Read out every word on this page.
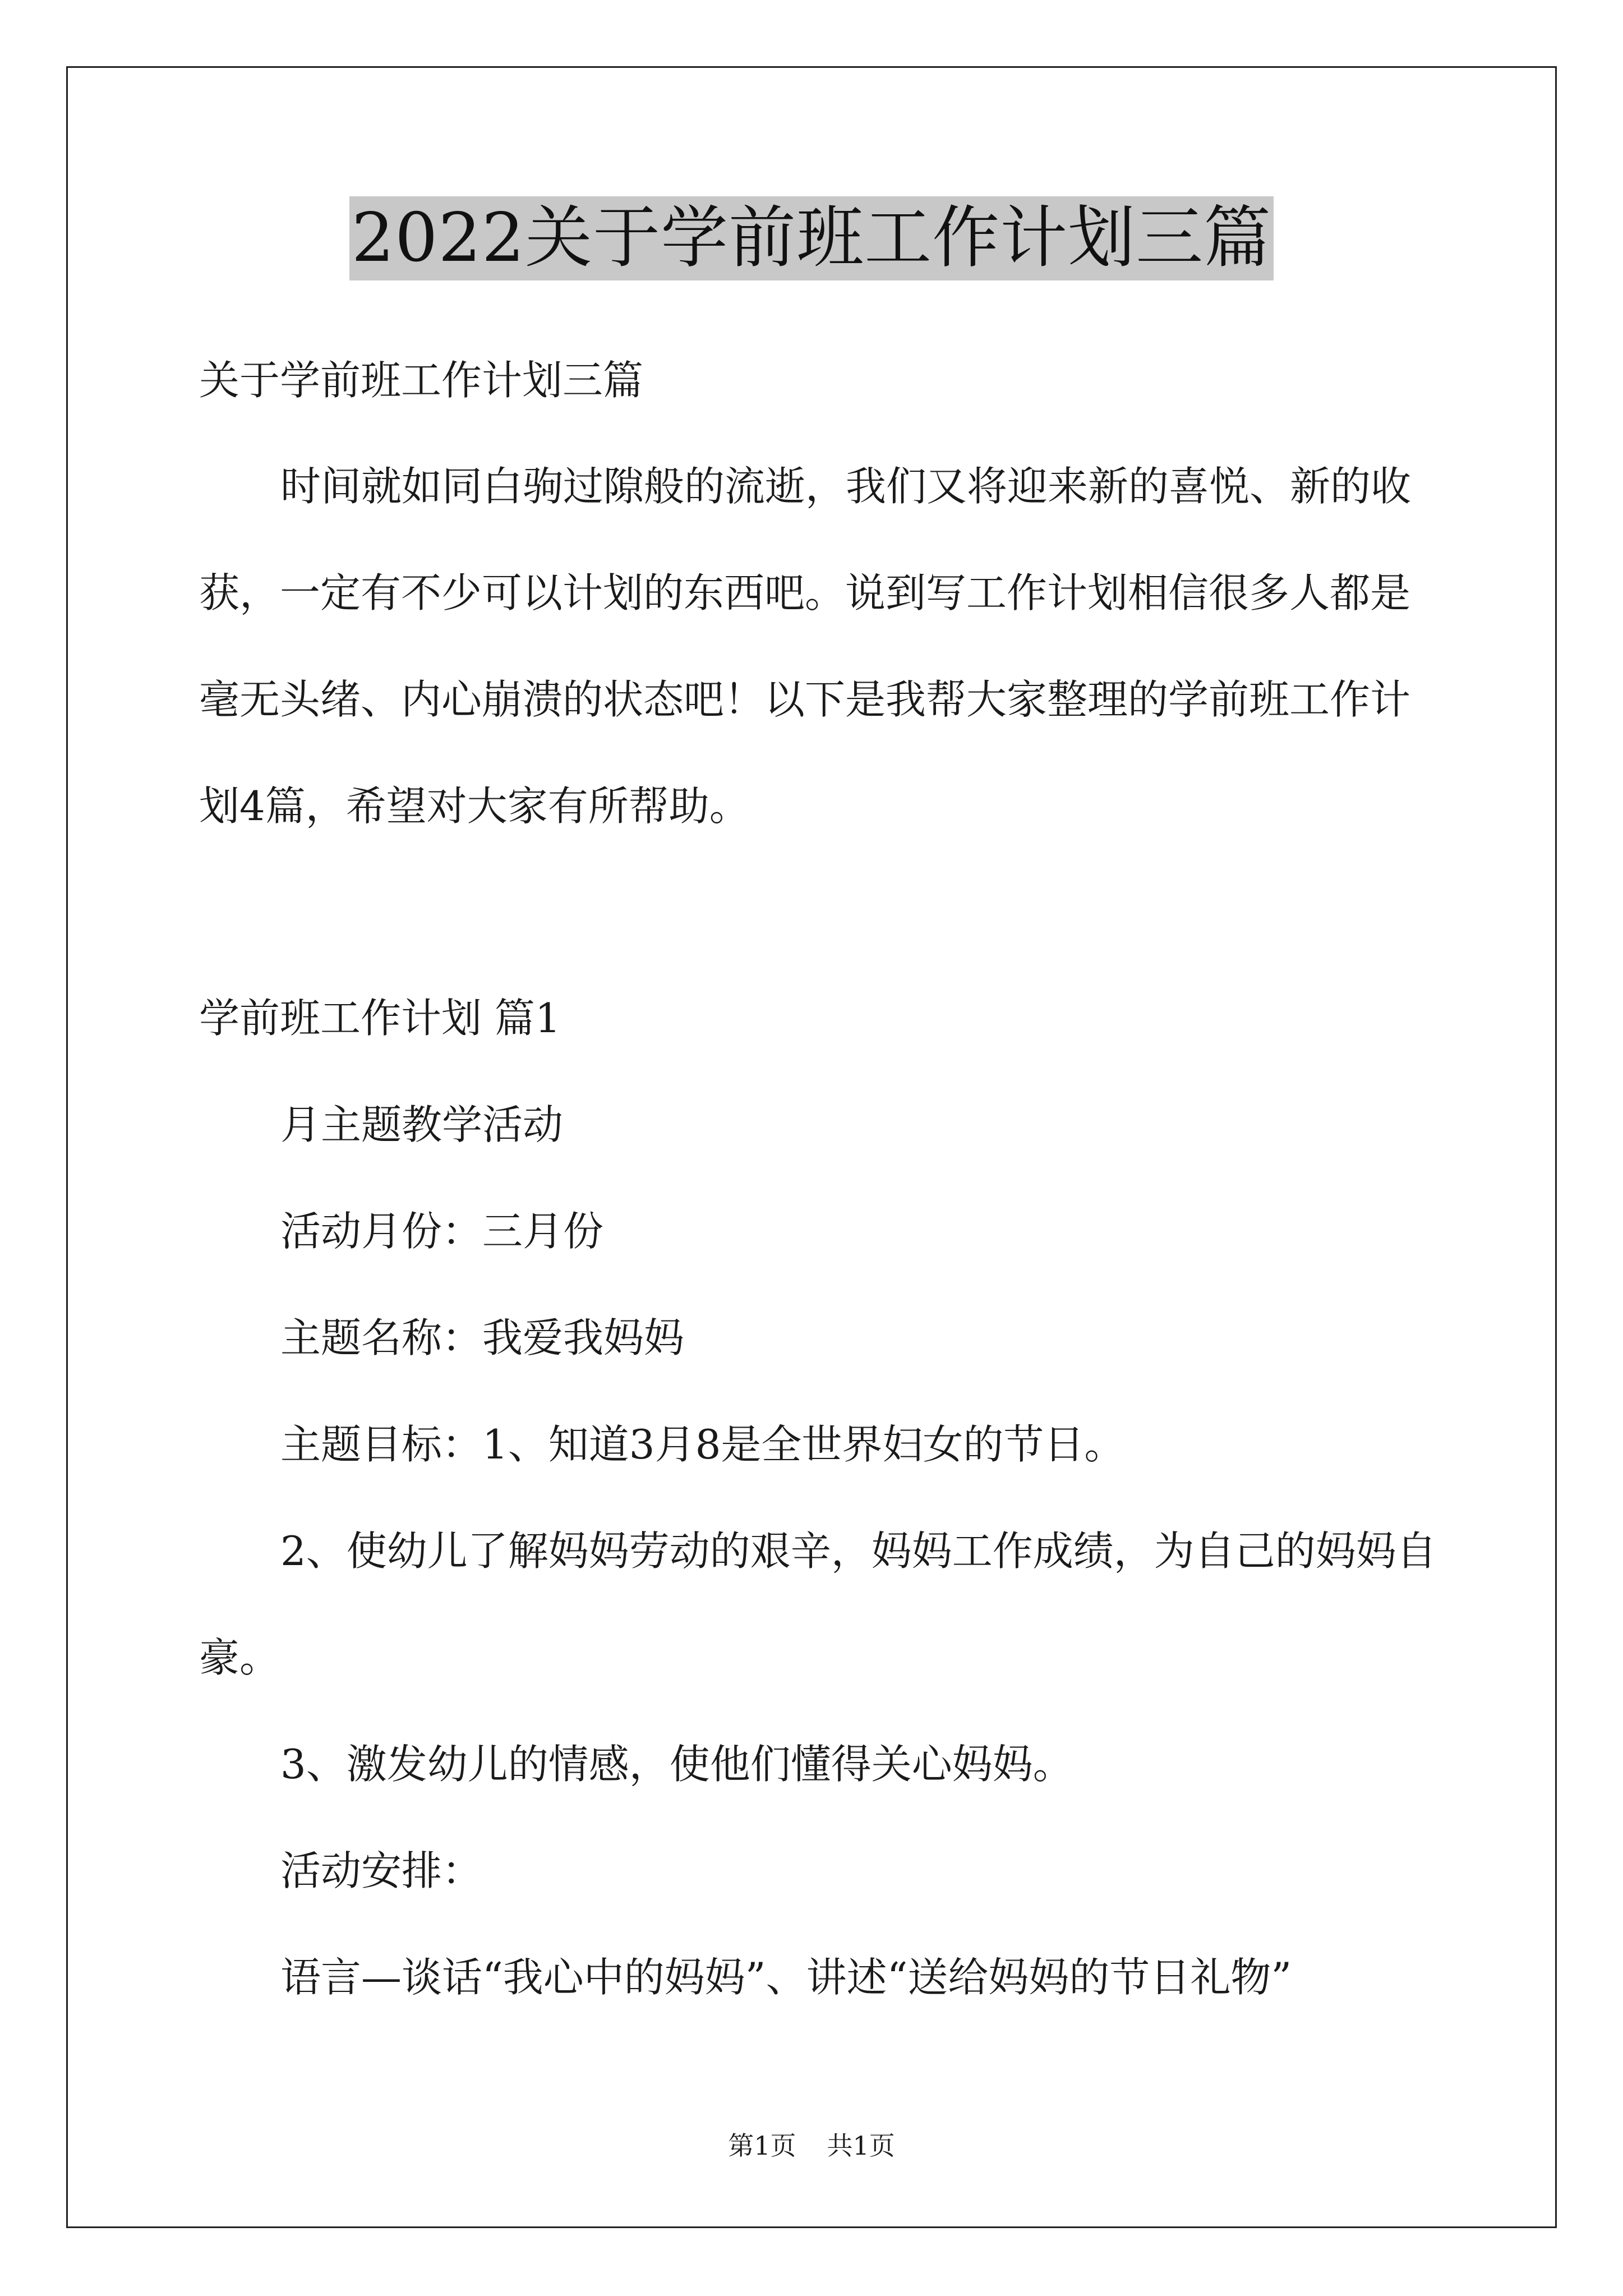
2022关于学前班工作计划三篇
关于学前班工作计划三篇
时间就如同白驹过隙般的流逝，我们又将迎来新的喜悦、新的收
获，一定有不少可以计划的东西吧。说到写工作计划相信很多人都是
毫无头绪、内心崩溃的状态吧！以下是我帮大家整理的学前班工作计
划4篇，希望对大家有所帮助。
学前班工作计划 篇1
月主题教学活动
活动月份：三月份
主题名称：我爱我妈妈
主题目标：1、知道3月8是全世界妇女的节日。
2、使幼儿了解妈妈劳动的艰辛，妈妈工作成绩，为自己的妈妈自
豪。
3、激发幼儿的情感，使他们懂得关心妈妈。
活动安排：
语言—谈话“我心中的妈妈”、讲述“送给妈妈的节日礼物”
第1页 共1页
